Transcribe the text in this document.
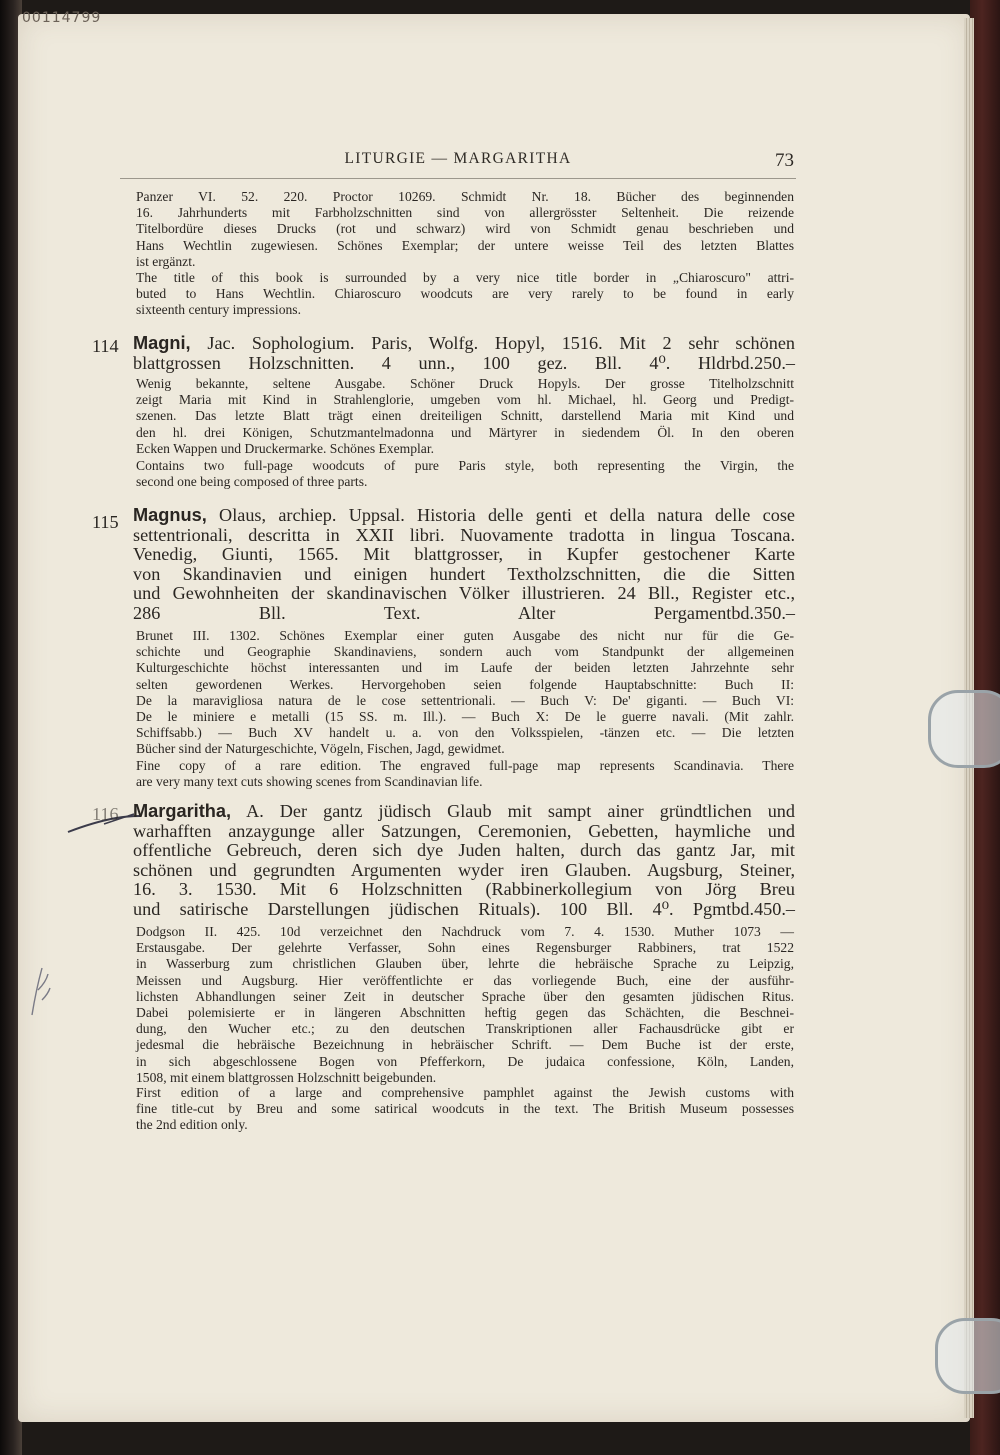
00114799
LITURGIE — MARGARITHA	73

Panzer VI. 52. 220. Proctor 10269. Schmidt Nr. 18. Bücher des beginnenden
16. Jahrhunderts mit Farbholzschnitten sind von allergrösster Seltenheit. Die reizende
Titelbordüre dieses Drucks (rot und schwarz) wird von Schmidt genau beschrieben und
Hans Wechtlin zugewiesen. Schönes Exemplar; der untere weisse Teil des letzten Blattes
ist ergänzt.

The title of this book is surrounded by a very nice title border in „Chiaroscuro" attri-
buted to Hans Wechtlin. Chiaroscuro woodcuts are very rarely to be found in early
sixteenth century impressions.

114 Magni, Jac. Sophologium. Paris, Wolfg. Hopyl, 1516. Mit 2 sehr schönen
blattgrossen Holzschnitten. 4 unn., 100 gez. Bll. 4⁰. Hldrbd. 250.–

Wenig bekannte, seltene Ausgabe. Schöner Druck Hopyls. Der grosse Titelholzschnitt
zeigt Maria mit Kind in Strahlenglorie, umgeben vom hl. Michael, hl. Georg und Predigt-
szenen. Das letzte Blatt trägt einen dreiteiligen Schnitt, darstellend Maria mit Kind und
den hl. drei Königen, Schutzmantelmadonna und Märtyrer in siedendem Öl. In den oberen
Ecken Wappen und Druckermarke. Schönes Exemplar.

Contains two full-page woodcuts of pure Paris style, both representing the Virgin, the
second one being composed of three parts.

115 Magnus, Olaus, archiep. Uppsal. Historia delle genti et della natura delle cose
settentrionali, descritta in XXII libri. Nuovamente tradotta in lingua Toscana.
Venedig, Giunti, 1565. Mit blattgrosser, in Kupfer gestochener Karte
von Skandinavien und einigen hundert Textholzschnitten, die die Sitten
und Gewohnheiten der skandinavischen Völker illustrieren. 24 Bll., Register etc.,
286 Bll. Text. Alter Pergamentbd. 350.–

Brunet III. 1302. Schönes Exemplar einer guten Ausgabe des nicht nur für die Ge-
schichte und Geographie Skandinaviens, sondern auch vom Standpunkt der allgemeinen
Kulturgeschichte höchst interessanten und im Laufe der beiden letzten Jahrzehnte sehr
selten gewordenen Werkes. Hervorgehoben seien folgende Hauptabschnitte: Buch II:
De la maravigliosa natura de le cose settentrionali. — Buch V: De' giganti. — Buch VI:
De le miniere e metalli (15 SS. m. Ill.). — Buch X: De le guerre navali. (Mit zahlr.
Schiffsabb.) — Buch XV handelt u. a. von den Volksspielen, -tänzen etc. — Die letzten
Bücher sind der Naturgeschichte, Vögeln, Fischen, Jagd, gewidmet.

Fine copy of a rare edition. The engraved full-page map represents Scandinavia. There
are very many text cuts showing scenes from Scandinavian life.

116 Margaritha, A. Der gantz jüdisch Glaub mit sampt ainer gründtlichen und
warhafften anzaygunge aller Satzungen, Ceremonien, Gebetten, haymliche und
offentliche Gebreuch, deren sich dye Juden halten, durch das gantz Jar, mit
schönen und gegrundten Argumenten wyder iren Glauben. Augsburg, Steiner,
16. 3. 1530. Mit 6 Holzschnitten (Rabbinerkollegium von Jörg Breu
und satirische Darstellungen jüdischen Rituals). 100 Bll. 4⁰. Pgmtbd. 450.–

Dodgson II. 425. 10d verzeichnet den Nachdruck vom 7. 4. 1530. Muther 1073 —
Erstausgabe. Der gelehrte Verfasser, Sohn eines Regensburger Rabbiners, trat 1522
in Wasserburg zum christlichen Glauben über, lehrte die hebräische Sprache zu Leipzig,
Meissen und Augsburg. Hier veröffentlichte er das vorliegende Buch, eine der ausführ-
lichsten Abhandlungen seiner Zeit in deutscher Sprache über den gesamten jüdischen Ritus.
Dabei polemisierte er in längeren Abschnitten heftig gegen das Schächten, die Beschnei-
dung, den Wucher etc.; zu den deutschen Transkriptionen aller Fachausdrücke gibt er
jedesmal die hebräische Bezeichnung in hebräischer Schrift. — Dem Buche ist der erste,
in sich abgeschlossene Bogen von Pfefferkorn, De judaica confessione, Köln, Landen,
1508, mit einem blattgrossen Holzschnitt beigebunden.

First edition of a large and comprehensive pamphlet against the Jewish customs with
fine title-cut by Breu and some satirical woodcuts in the text. The British Museum possesses
the 2nd edition only.
